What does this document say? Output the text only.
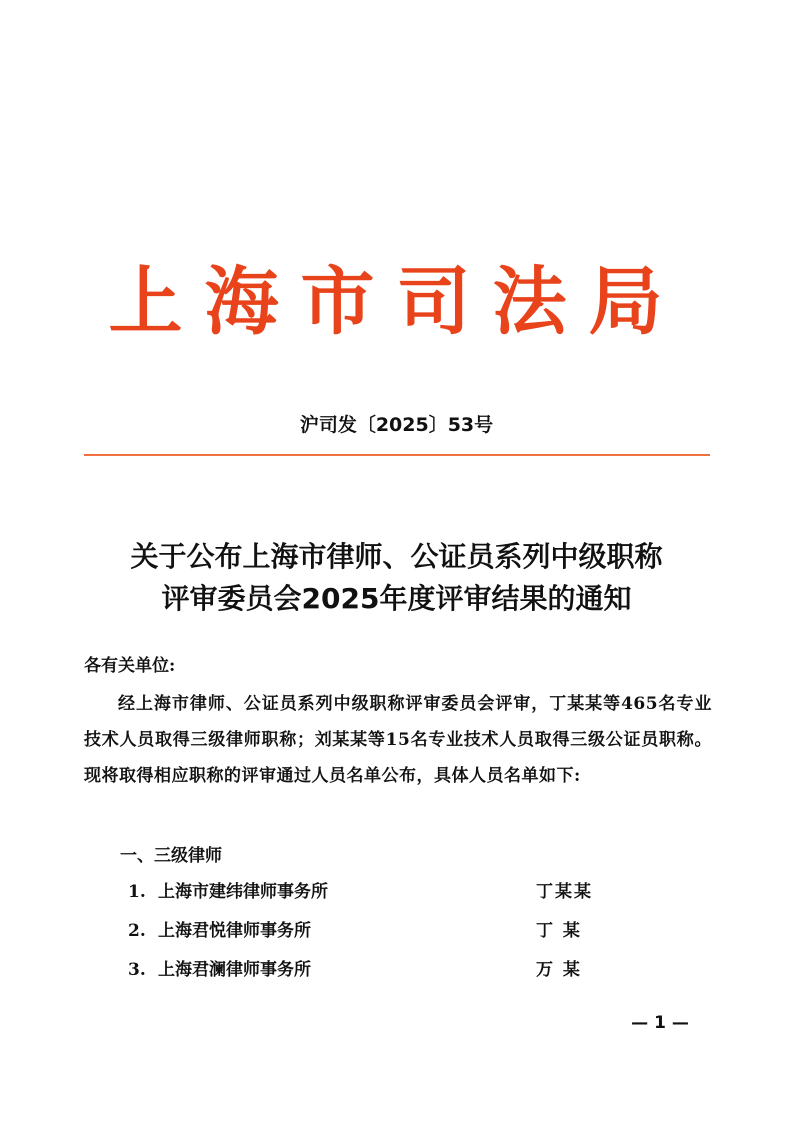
上海市司法局
沪司发〔2025〕53号
关于公布上海市律师、公证员系列中级职称
评审委员会2025年度评审结果的通知
各有关单位:
经上海市律师、公证员系列中级职称评审委员会评审，丁某某等465名专业技术人员取得三级律师职称；刘某某等15名专业技术人员取得三级公证员职称。现将取得相应职称的评审通过人员名单公布，具体人员名单如下:
一、三级律师
1. 上海市建纬律师事务所	丁某某
2. 上海君悦律师事务所	丁 某
3. 上海君澜律师事务所	万 某
— 1 —
